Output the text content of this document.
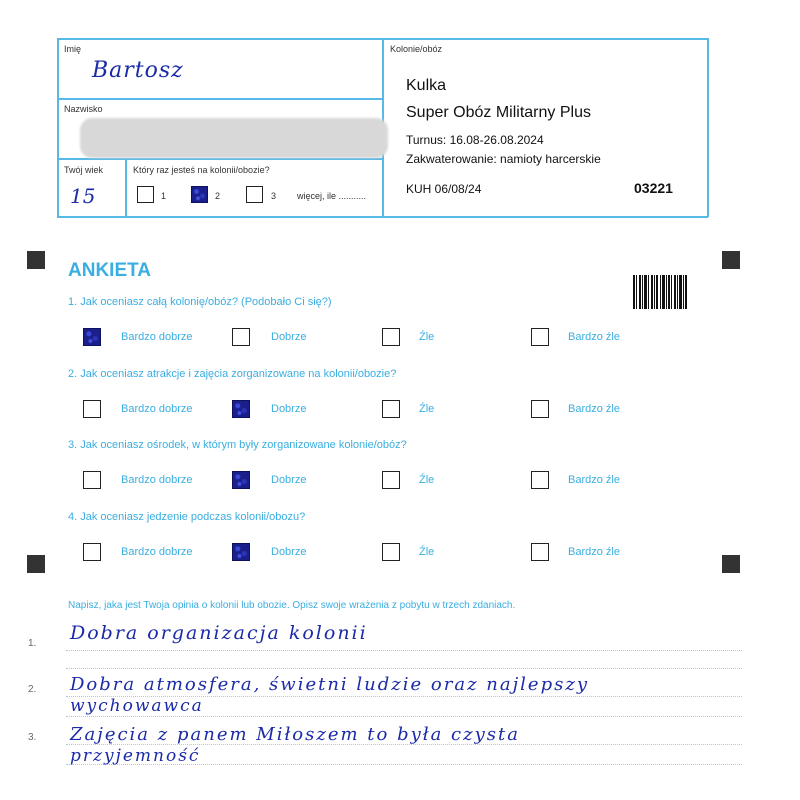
Imię
Bartosz
Nazwisko
Twój wiek
15
Który raz jesteś na kolonii/obozie?
1	2	3 więcej, ile ...........
Kolonie/obóz
Kulka
Super Obóz Militarny Plus
Turnus: 16.08-26.08.2024
Zakwaterowanie: namioty harcerskie
KUH 06/08/24	03221
ANKIETA
1. Jak oceniasz całą kolonię/obóz? (Podobało Ci się?)
Bardzo dobrze	Dobrze	Źle	Bardzo źle
2. Jak oceniasz atrakcje i zajęcia zorganizowane na kolonii/obozie?
Bardzo dobrze	Dobrze	Źle	Bardzo źle
3. Jak oceniasz ośrodek, w którym były zorganizowane kolonie/obóz?
Bardzo dobrze	Dobrze	Źle	Bardzo źle
4. Jak oceniasz jedzenie podczas kolonii/obozu?
Bardzo dobrze	Dobrze	Źle	Bardzo źle
Napisz, jaka jest Twoja opinia o kolonii lub obozie. Opisz swoje wrażenia z pobytu w trzech zdaniach.
1.
2.
3.
Dobra organizacja kolonii
Dobra atmosfera, świetni ludzie oraz najlepszy
wychowawca
Zajęcia z panem Miłoszem to była czysta
przyjemność
